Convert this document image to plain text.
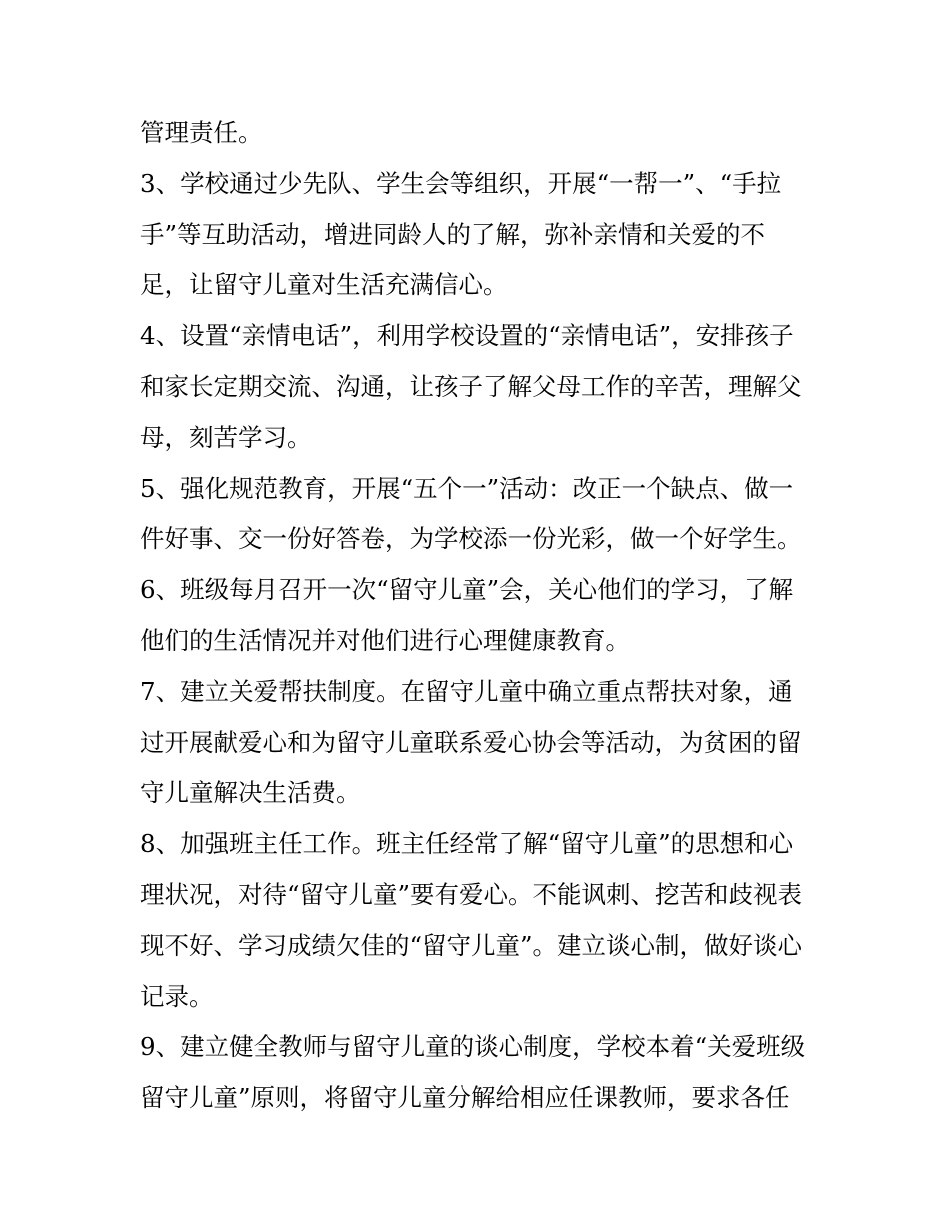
管理责任。
3、学校通过少先队、学生会等组织，开展“一帮一”、“手拉
手”等互助活动，增进同龄人的了解，弥补亲情和关爱的不
足，让留守儿童对生活充满信心。
4、设置“亲情电话”，利用学校设置的“亲情电话”，安排孩子
和家长定期交流、沟通，让孩子了解父母工作的辛苦，理解父
母，刻苦学习。
5、强化规范教育，开展“五个一”活动：改正一个缺点、做一
件好事、交一份好答卷，为学校添一份光彩，做一个好学生。
6、班级每月召开一次“留守儿童”会，关心他们的学习，了解
他们的生活情况并对他们进行心理健康教育。
7、建立关爱帮扶制度。在留守儿童中确立重点帮扶对象，通
过开展献爱心和为留守儿童联系爱心协会等活动，为贫困的留
守儿童解决生活费。
8、加强班主任工作。班主任经常了解“留守儿童”的思想和心
理状况，对待“留守儿童”要有爱心。不能讽刺、挖苦和歧视表
现不好、学习成绩欠佳的“留守儿童”。建立谈心制，做好谈心
记录。
9、建立健全教师与留守儿童的谈心制度，学校本着“关爱班级
留守儿童”原则，将留守儿童分解给相应任课教师，要求各任
